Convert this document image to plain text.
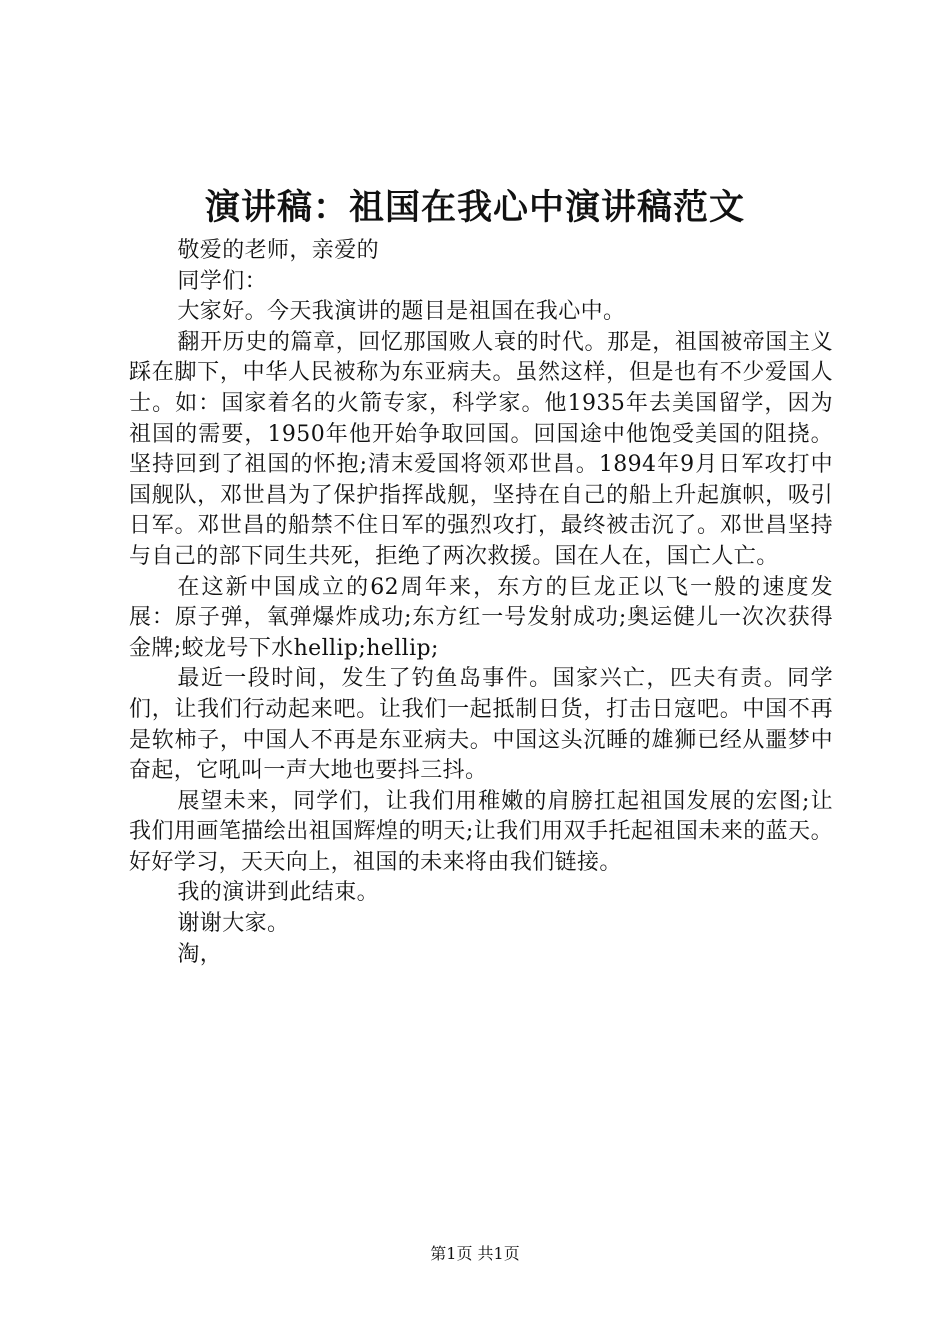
演讲稿：祖国在我心中演讲稿范文

敬爱的老师，亲爱的

同学们：

大家好。今天我演讲的题目是祖国在我心中。

翻开历史的篇章，回忆那国败人衰的时代。那是，祖国被帝国主义踩在脚下，中华人民被称为东亚病夫。虽然这样，但是也有不少爱国人士。如：国家着名的火箭专家，科学家。他1935年去美国留学，因为祖国的需要，1950年他开始争取回国。回国途中他饱受美国的阻挠。坚持回到了祖国的怀抱;清末爱国将领邓世昌。1894年9月日军攻打中国舰队，邓世昌为了保护指挥战舰，坚持在自己的船上升起旗帜，吸引日军。邓世昌的船禁不住日军的强烈攻打，最终被击沉了。邓世昌坚持与自己的部下同生共死，拒绝了两次救援。国在人在，国亡人亡。

在这新中国成立的62周年来，东方的巨龙正以飞一般的速度发展：原子弹，氧弹爆炸成功;东方红一号发射成功;奥运健儿一次次获得金牌;蛟龙号下水hellip;hellip;

最近一段时间，发生了钓鱼岛事件。国家兴亡，匹夫有责。同学们，让我们行动起来吧。让我们一起抵制日货，打击日寇吧。中国不再是软柿子，中国人不再是东亚病夫。中国这头沉睡的雄狮已经从噩梦中奋起，它吼叫一声大地也要抖三抖。

展望未来，同学们，让我们用稚嫩的肩膀扛起祖国发展的宏图;让我们用画笔描绘出祖国辉煌的明天;让我们用双手托起祖国未来的蓝天。好好学习，天天向上，祖国的未来将由我们链接。

我的演讲到此结束。

谢谢大家。

淘，

第1页 共1页
